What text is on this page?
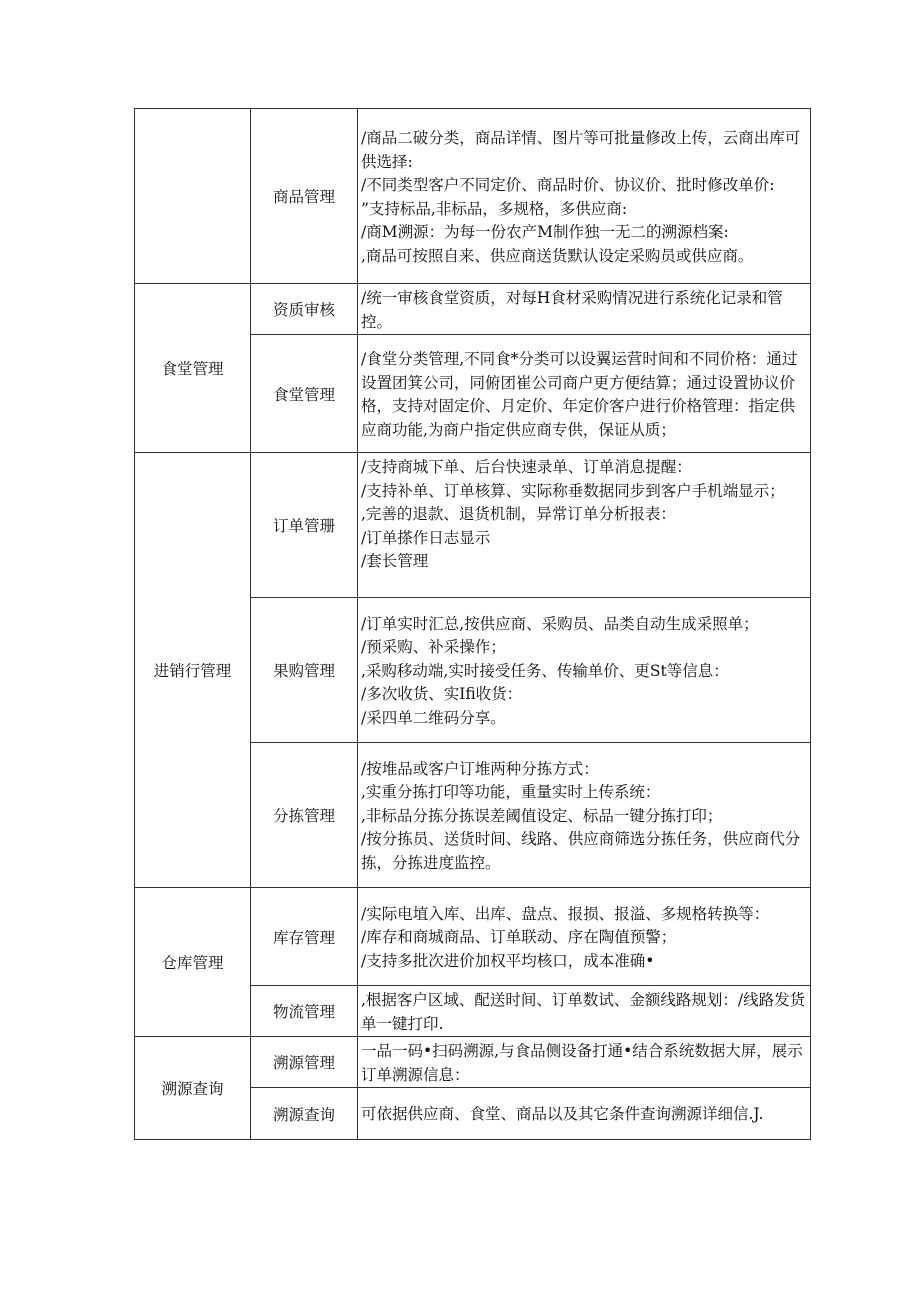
	商品管理	/商品二破分类，商品详情、图片等可批量修改上传，云商出库可供选择:
/不同类型客户不同定价、商品时价、协议价、批时修改单价:
”支持标品,非标品，多规格，多供应商:
/商M溯源：为每一份农产M制作独一无二的溯源档案:
,商品可按照自来、供应商送货默认设定采购员或供应商。

食堂管理	资质审核	/统一审核食堂资质，对每H食材采购情况进行系统化记录和管控。

	食堂管理	/食堂分类管理,不同食*分类可以设翼运营时间和不同价格：通过设置团箕公司，同俯团崔公司商户更方便结算；通过设置协议价格，支持对固定价、月定价、年定价客户进行价格管理：指定供应商功能,为商户指定供应商专供，保证从质；

进销行管理	订单管珊	/支持商城下单、后台快速录单、订单消息提醒：
/支持补单、订单核算、实际称垂数据同步到客户手机端显示；
,完善的退款、退货机制，异常订单分析报表：
/订单搽作日志显示
/套长管理

	果购管理	/订单实时汇总,按供应商、采购员、品类自动生成采照单；
/预采购、补采操作；
,采购移动端,实时接受任务、传输单价、更St等信息：
/多次收货、实Ifi收货：
/采四单二维码分享。

	分拣管理	/按堆品或客户订堆两种分拣方式：
,实重分拣打印等功能，重量实时上传系统：
,非标品分拣分拣误差阈值设定、标品一键分拣打印；
/按分拣员、送货时间、线路、供应商筛选分拣任务，供应商代分拣，分拣进度监控。

仓库管理	库存管理	/实际电埴入库、出库、盘点、报损、报溢、多规格转换等：
/库存和商城商品、订单联动、序在陶值预警；
/支持多批次进价加权平均核口，成本准确•

	物流管理	,根据客户区域、配送时间、订单数试、金额线路规划：/线路发货单一键打印.

溯源查询	溯源管理	一品一码•扫码溯源,与食品侧设备打通•结合系统数据大屏，展示订单溯源信息：

	溯源查询	可依据供应商、食堂、商品以及其它条件查询溯源详细信.J.
